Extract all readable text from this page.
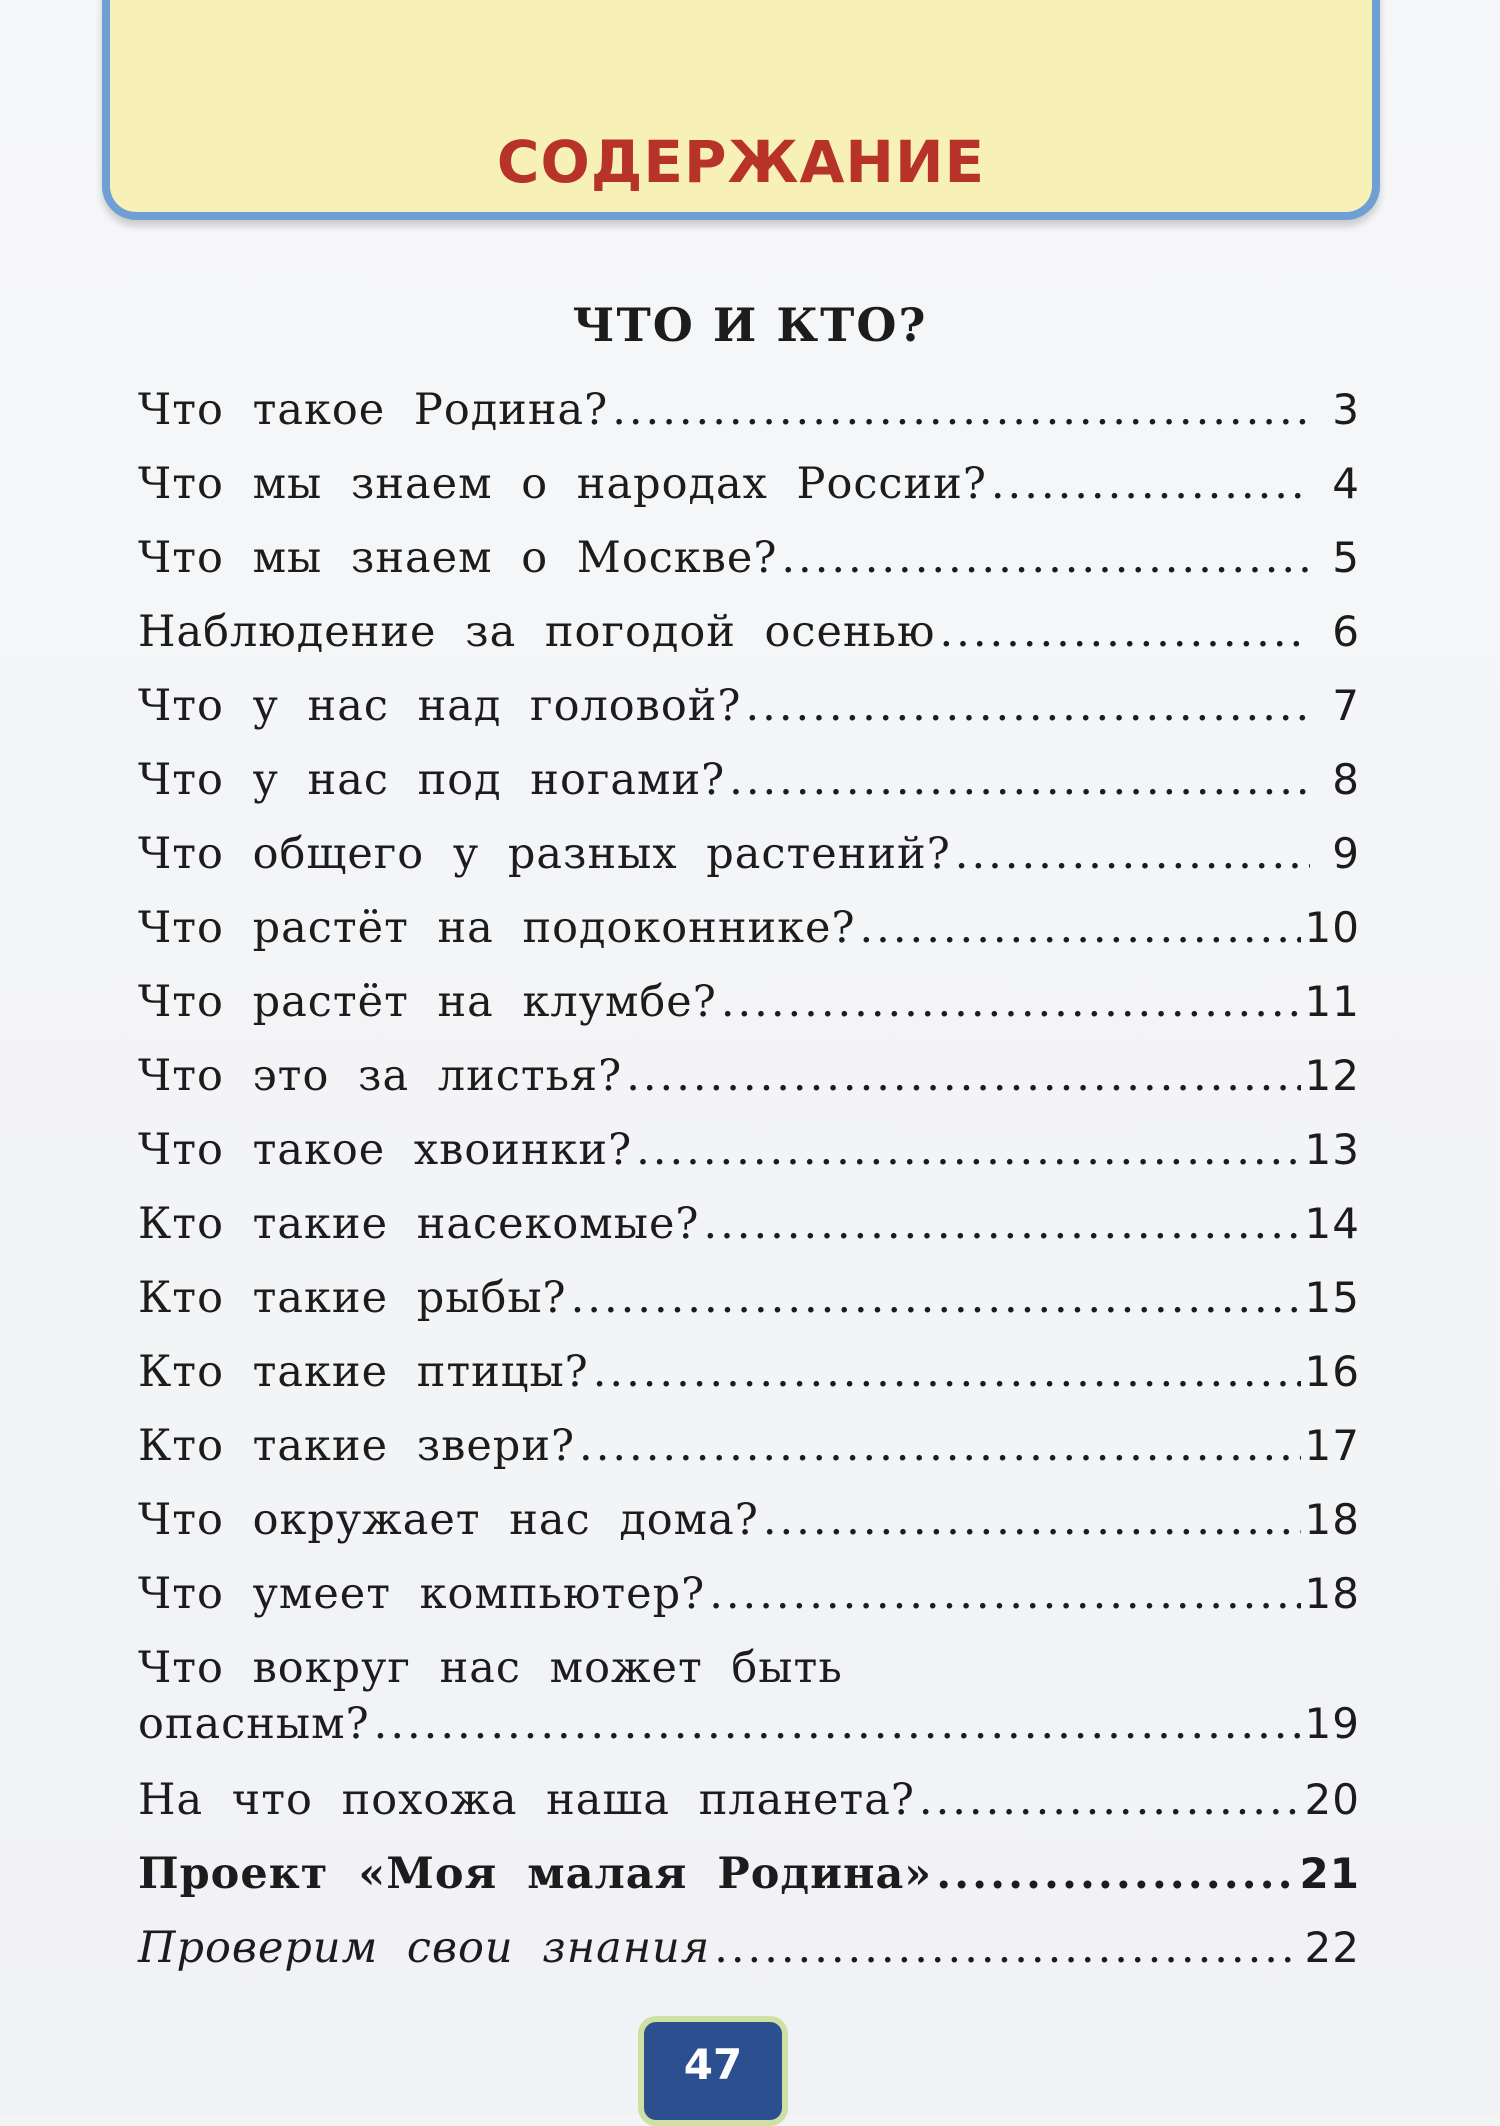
СОДЕРЖАНИЕ
ЧТО И КТО?
Что такое Родина? .....	3
Что мы знаем о народах России? .....	4
Что мы знаем о Москве? .....	5
Наблюдение за погодой осенью .....	6
Что у нас над головой? .....	7
Что у нас под ногами? .....	8
Что общего у разных растений? .....	9
Что растёт на подоконнике? .....	10
Что растёт на клумбе? .....	11
Что это за листья? .....	12
Что такое хвоинки? .....	13
Кто такие насекомые? .....	14
Кто такие рыбы? .....	15
Кто такие птицы? .....	16
Кто такие звери? .....	17
Что окружает нас дома? .....	18
Что умеет компьютер? .....	18
Что вокруг нас может быть
опасным? .....	19
На что похожа наша планета? .....	20
Проект «Моя малая Родина» .....	21
Проверим свои знания .....	22
47
